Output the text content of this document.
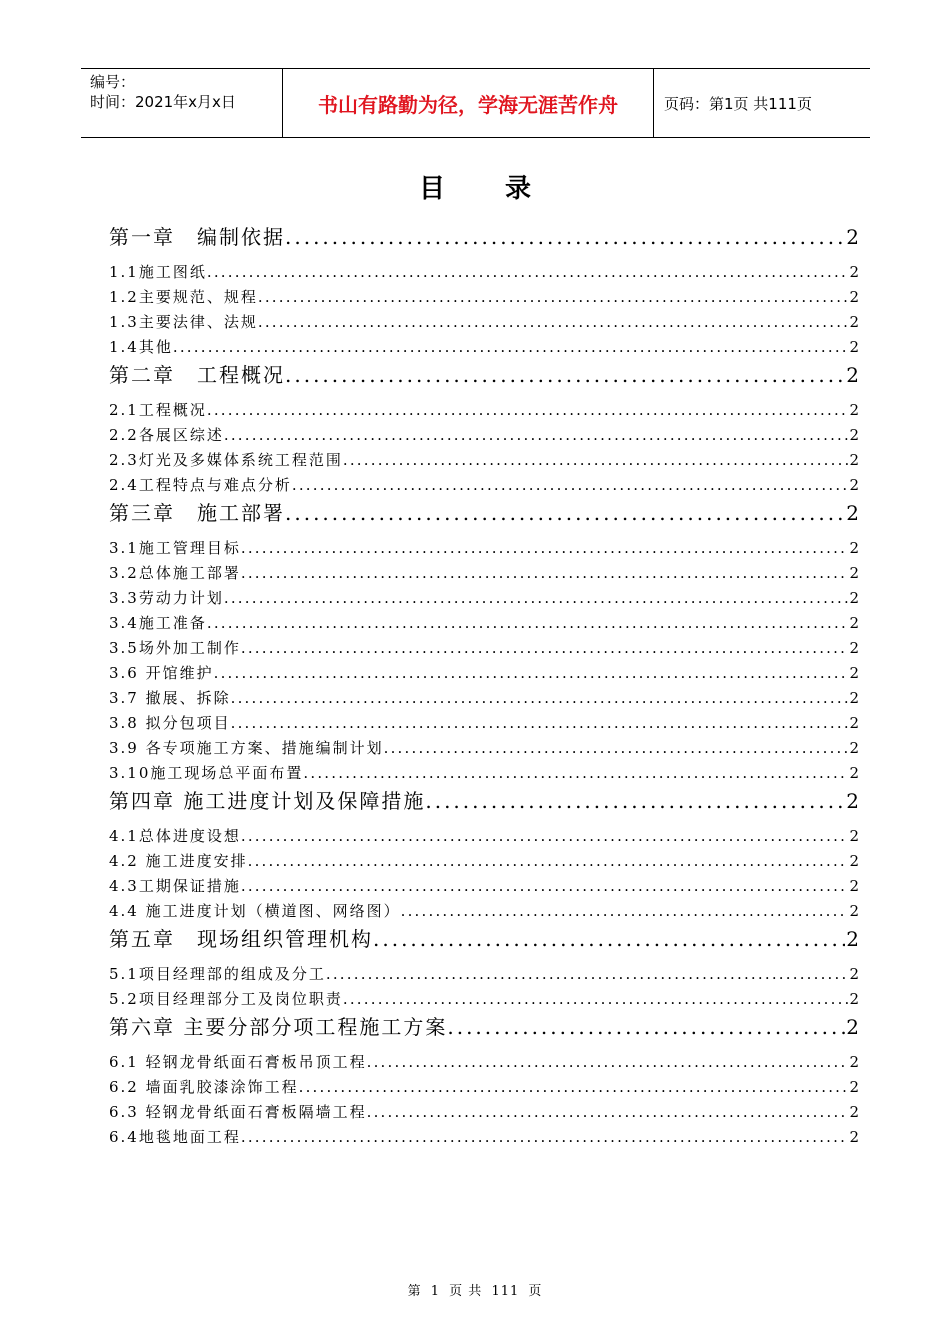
编号：
时间：2021年x月x日	书山有路勤为径，学海无涯苦作舟	页码：第1页 共111页
目录
第一章　编制依据 .....	2
1.1施工图纸 .....	2
1.2主要规范、规程 .....	2
1.3主要法律、法规 .....	2
1.4其他 .....	2
第二章　工程概况 .....	2
2.1工程概况 .....	2
2.2各展区综述 .....	2
2.3灯光及多媒体系统工程范围 .....	2
2.4工程特点与难点分析 .....	2
第三章　施工部署 .....	2
3.1施工管理目标 .....	2
3.2总体施工部署 .....	2
3.3劳动力计划 .....	2
3.4施工准备 .....	2
3.5场外加工制作 .....	2
3.6 开馆维护 .....	2
3.7 撤展、拆除 .....	2
3.8 拟分包项目 .....	2
3.9 各专项施工方案、措施编制计划 .....	2
3.10施工现场总平面布置 .....	2
第四章 施工进度计划及保障措施 .....	2
4.1总体进度设想 .....	2
4.2 施工进度安排 .....	2
4.3工期保证措施 .....	2
4.4 施工进度计划（横道图、网络图） .....	2
第五章　现场组织管理机构 .....	2
5.1项目经理部的组成及分工 .....	2
5.2项目经理部分工及岗位职责 .....	2
第六章 主要分部分项工程施工方案 .....	2
6.1 轻钢龙骨纸面石膏板吊顶工程 .....	2
6.2 墙面乳胶漆涂饰工程 .....	2
6.3 轻钢龙骨纸面石膏板隔墙工程 .....	2
6.4地毯地面工程 .....	2
第 1 页 共 111 页
